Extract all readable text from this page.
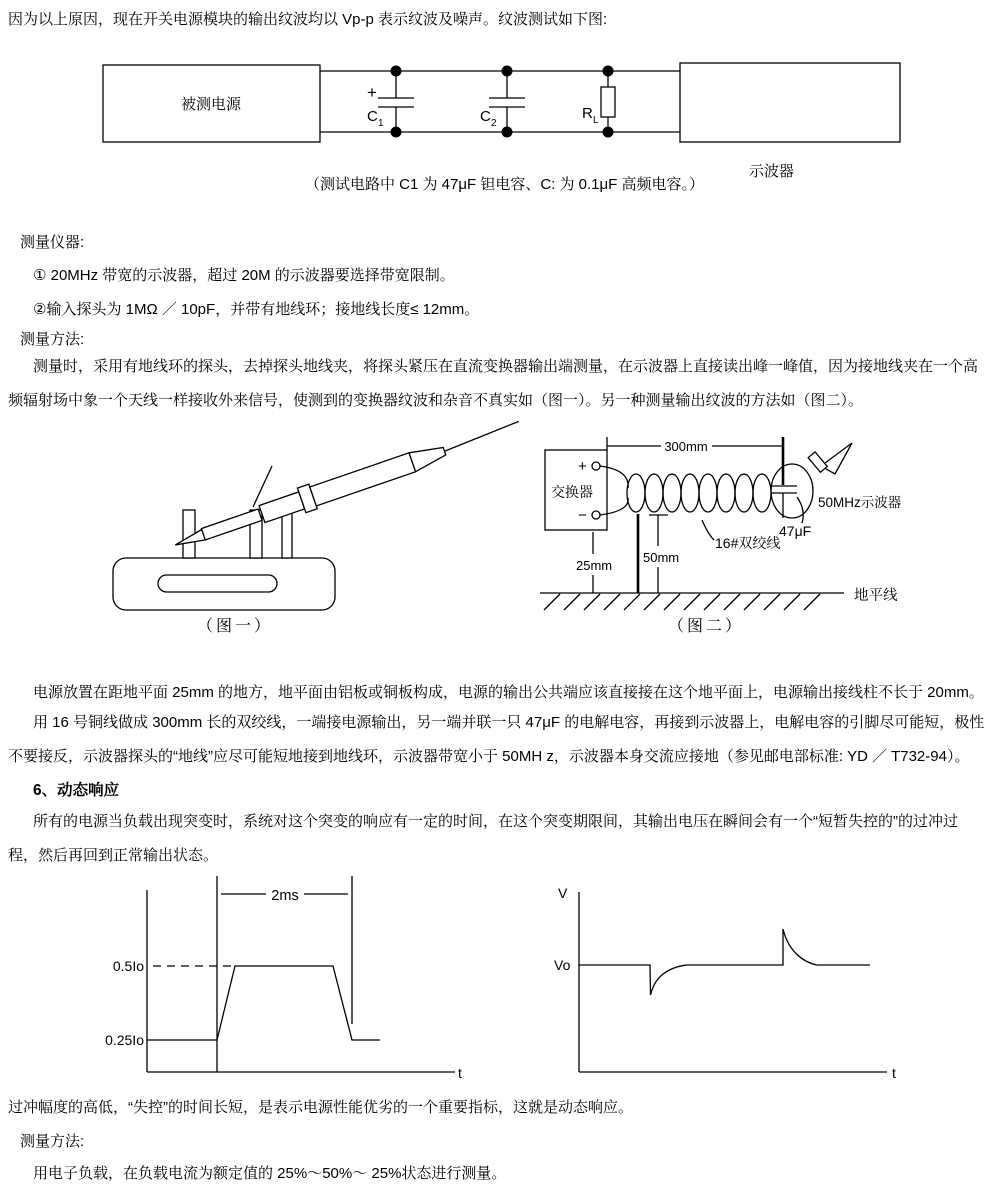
因为以上原因，现在开关电源模块的输出纹波均以 Vp-p 表示纹波及噪声。纹波测试如下图:
被测电源
+
C 1	C 2
R L
示波器
（测试电路中 C1 为 47μF 钽电容、C: 为 0.1μF 高频电容。）
测量仪器:
① 20MHz 带宽的示波器，超过 20M 的示波器要选择带宽限制。
②输入探头为 1MΩ ／ 10pF，并带有地线环；接地线长度≤ 12mm。
测量方法:
测量时，采用有地线环的探头，去掉探头地线夹，将探头紧压在直流变换器输出端测量，在示波器上直接读出峰一峰值，因为接地线夹在一个高频辐射场中象一个天线一样接收外来信号，使测到的变换器纹波和杂音不真实如（图一）。另一种测量输出纹波的方法如（图二）。
（图一）
交换器
+
−
300mm
47μF
50MHz示波器
16#双绞线
50mm
25mm
地平线
（图二）
电源放置在距地平面 25mm 的地方，地平面由铝板或铜板构成，电源的输出公共端应该直接接在这个地平面上，电源输出接线柱不长于 20mm。
用 16 号铜线做成 300mm 长的双绞线，一端接电源输出，另一端并联一只 47μF 的电解电容，再接到示波器上，电解电容的引脚尽可能短，极性不要接反，示波器探头的“地线”应尽可能短地接到地线环，示波器带宽小于 50MH z，示波器本身交流应接地（参见邮电部标准: YD ／ T732-94）。
6、动态响应
所有的电源当负载出现突变时，系统对这个突变的响应有一定的时间，在这个突变期限间，其输出电压在瞬间会有一个“短暂失控的”的过冲过程，然后再回到正常输出状态。
t
2ms
0.5Io
0.25Io
t
V
Vo
过冲幅度的高低，“失控”的时间长短，是表示电源性能优劣的一个重要指标，这就是动态响应。
测量方法:
用电子负载，在负载电流为额定值的 25%～50%～ 25%状态进行测量。
